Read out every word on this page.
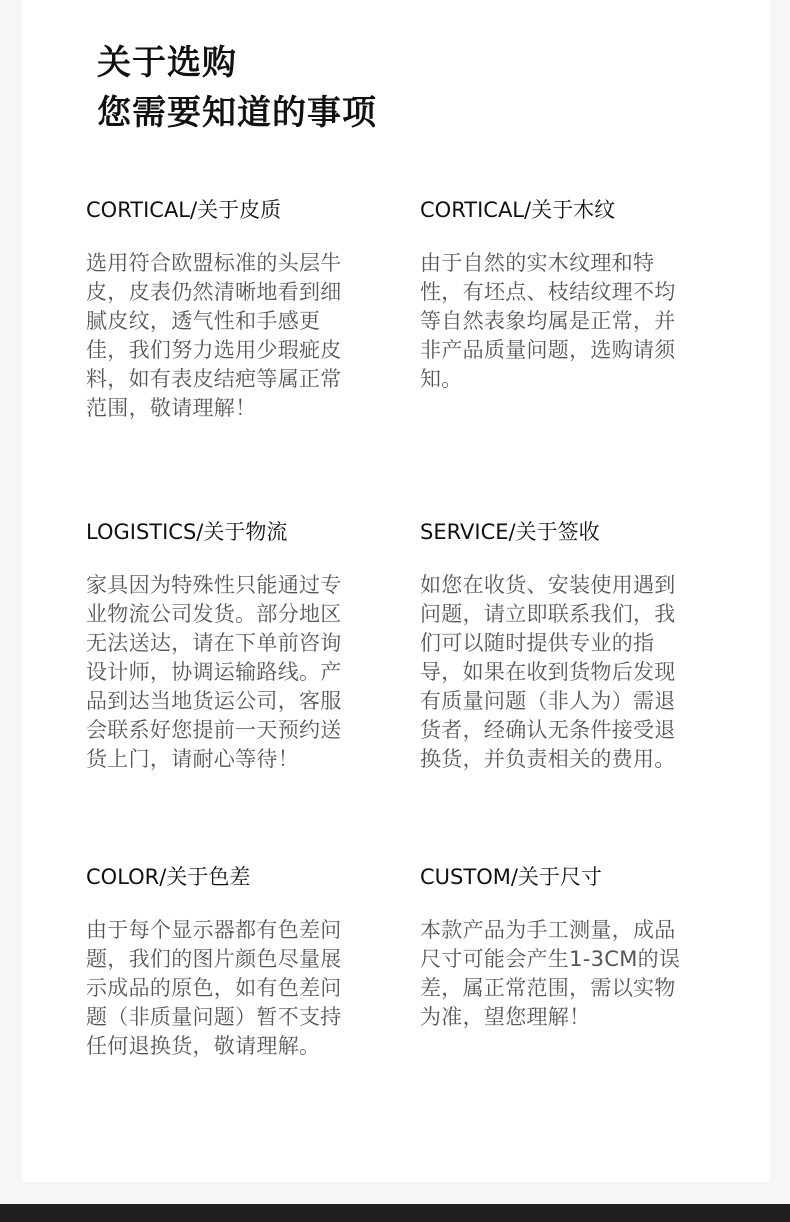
关于选购
您需要知道的事项
CORTICAL/关于皮质
选用符合欧盟标准的头层牛
皮，皮表仍然清晰地看到细
腻皮纹，透气性和手感更
佳，我们努力选用少瑕疵皮
料，如有表皮结疤等属正常
范围，敬请理解！
CORTICAL/关于木纹
由于自然的实木纹理和特
性，有坯点、枝结纹理不均
等自然表象均属是正常，并
非产品质量问题，选购请须
知。
LOGISTICS/关于物流
家具因为特殊性只能通过专
业物流公司发货。部分地区
无法送达，请在下单前咨询
设计师，协调运输路线。产
品到达当地货运公司，客服
会联系好您提前一天预约送
货上门，请耐心等待！
SERVICE/关于签收
如您在收货、安装使用遇到
问题，请立即联系我们，我
们可以随时提供专业的指
导，如果在收到货物后发现
有质量问题（非人为）需退
货者，经确认无条件接受退
换货，并负责相关的费用。
COLOR/关于色差
由于每个显示器都有色差问
题，我们的图片颜色尽量展
示成品的原色，如有色差问
题（非质量问题）暂不支持
任何退换货，敬请理解。
CUSTOM/关于尺寸
本款产品为手工测量，成品
尺寸可能会产生1-3CM的误
差，属正常范围，需以实物
为准，望您理解！
